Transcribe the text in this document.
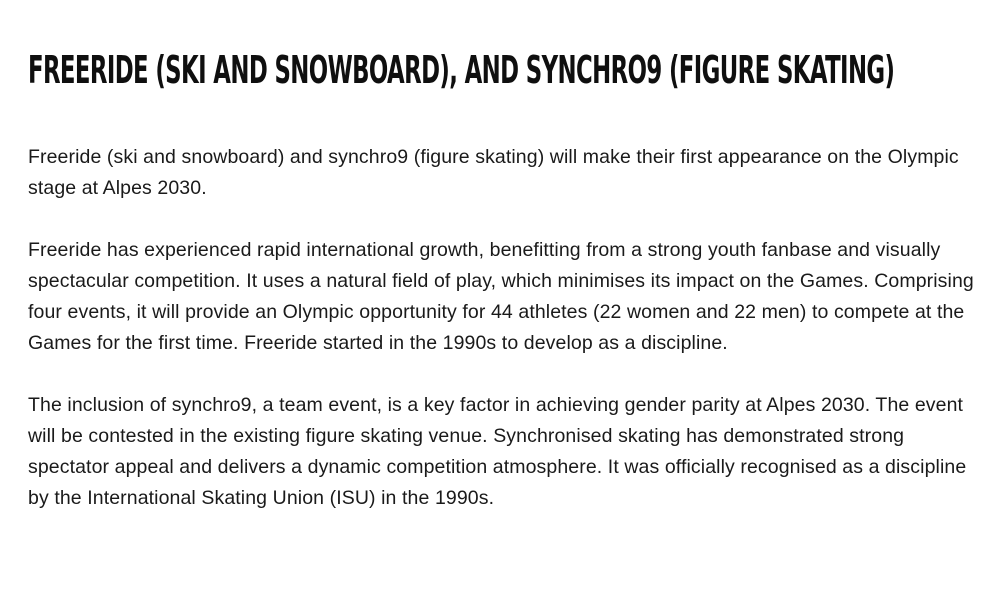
FREERIDE (SKI AND SNOWBOARD), AND SYNCHRO9 (FIGURE SKATING)

Freeride (ski and snowboard) and synchro9 (figure skating) will make their first appearance on the Olympic stage at Alpes 2030.

Freeride has experienced rapid international growth, benefitting from a strong youth fanbase and visually spectacular competition. It uses a natural field of play, which minimises its impact on the Games. Comprising four events, it will provide an Olympic opportunity for 44 athletes (22 women and 22 men) to compete at the Games for the first time. Freeride started in the 1990s to develop as a discipline.

The inclusion of synchro9, a team event, is a key factor in achieving gender parity at Alpes 2030. The event will be contested in the existing figure skating venue. Synchronised skating has demonstrated strong spectator appeal and delivers a dynamic competition atmosphere. It was officially recognised as a discipline by the International Skating Union (ISU) in the 1990s.
